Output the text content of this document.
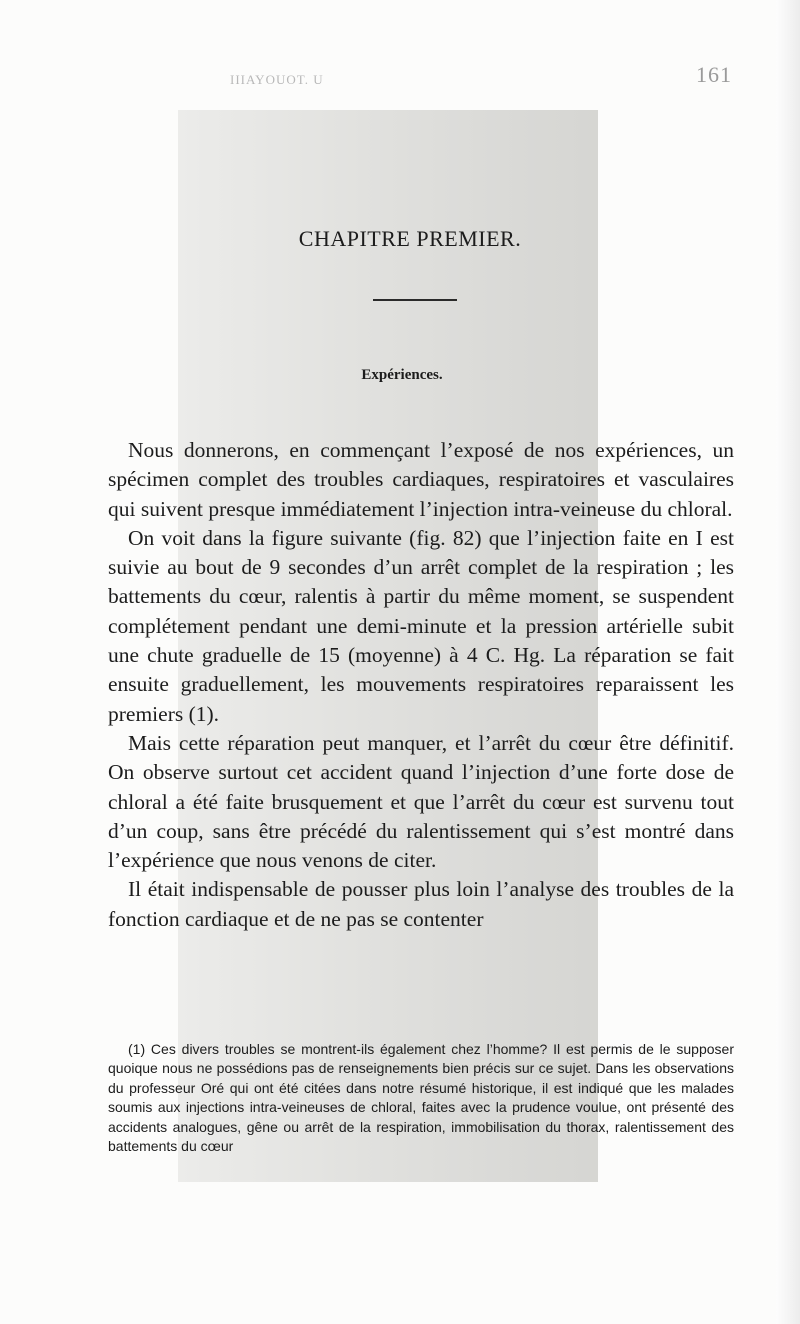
161
IIIAYOUOT. U
CHAPITRE PREMIER.
Expériences.

Nous donnerons, en commençant l’exposé de nos expériences, un spécimen complet des troubles cardiaques, respiratoires et vasculaires qui suivent presque immédiatement l’injection intra-veineuse du chloral.

On voit dans la figure suivante (fig. 82) que l’injection faite en I est suivie au bout de 9 secondes d’un arrêt complet de la respiration ; les battements du cœur, ralentis à partir du même moment, se suspendent complétement pendant une demi-minute et la pression artérielle subit une chute graduelle de 15 (moyenne) à 4 C. Hg. La réparation se fait ensuite graduellement, les mouvements respiratoires reparaissent les premiers (1).

Mais cette réparation peut manquer, et l’arrêt du cœur être définitif. On observe surtout cet accident quand l’injection d’une forte dose de chloral a été faite brusquement et que l’arrêt du cœur est survenu tout d’un coup, sans être précédé du ralentissement qui s’est montré dans l’expérience que nous venons de citer.

Il était indispensable de pousser plus loin l’analyse des troubles de la fonction cardiaque et de ne pas se contenter

(1) Ces divers troubles se montrent-ils également chez l’homme? Il est permis de le supposer quoique nous ne possédions pas de renseignements bien précis sur ce sujet. Dans les observations du professeur Oré qui ont été citées dans notre résumé historique, il est indiqué que les malades soumis aux injections intra-veineuses de chloral, faites avec la prudence voulue, ont présenté des accidents analogues, gêne ou arrêt de la respiration, immobilisation du thorax, ralentissement des battements du cœur
